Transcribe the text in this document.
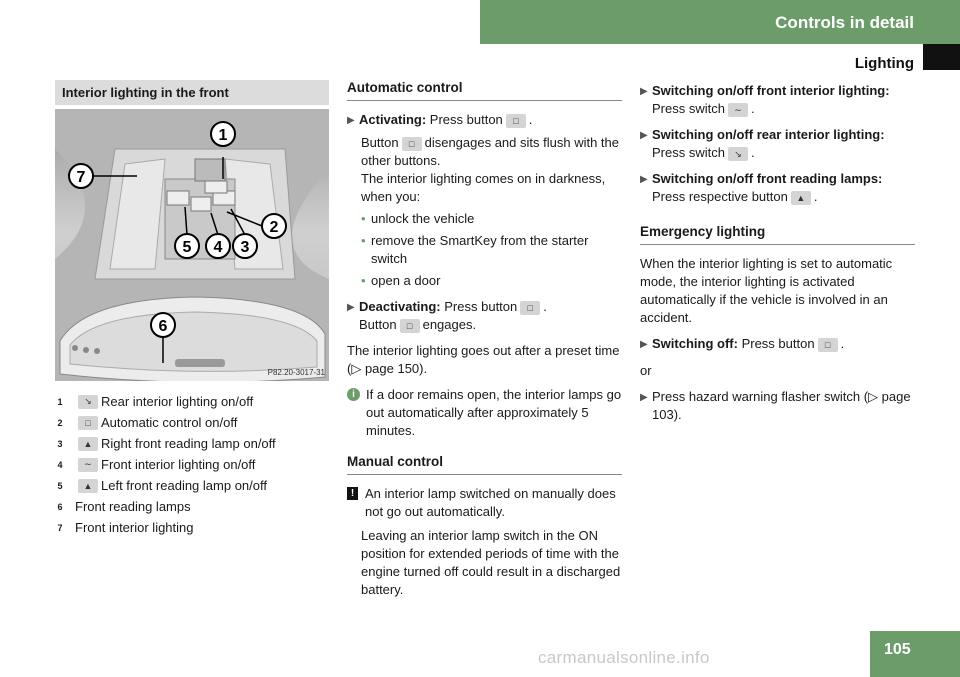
Controls in detail
Lighting
Interior lighting in the front
1
2
3
4
5
6
7
P82.20-3017-31
1	↘ Rear interior lighting on/off
2	□ Automatic control on/off
3	▲ Right front reading lamp on/off
4	∼ Front interior lighting on/off
5	▲ Left front reading lamp on/off
6 Front reading lamps
7 Front interior lighting
Automatic control
▶ Activating: Press button □ .
Button □ disengages and sits flush with the other buttons.
The interior lighting comes on in darkness, when you:
• unlock the vehicle
• remove the SmartKey from the starter switch
• open a door
▶ Deactivating: Press button □ .
Button □ engages.
The interior lighting goes out after a preset time (▷ page 150).
i If a door remains open, the interior lamps go out automatically after approximately 5 minutes.
Manual control
! An interior lamp switched on manually does not go out automatically.
Leaving an interior lamp switch in the ON position for extended periods of time with the engine turned off could result in a discharged battery.
▶ Switching on/off front interior lighting: Press switch ∼ .
▶ Switching on/off rear interior lighting: Press switch ↘ .
▶ Switching on/off front reading lamps: Press respective button ▲ .
Emergency lighting
When the interior lighting is set to automatic mode, the interior lighting is activated automatically if the vehicle is involved in an accident.
▶ Switching off: Press button □ .
or
▶ Press hazard warning flasher switch (▷ page 103).
105
carmanualsonline.info
